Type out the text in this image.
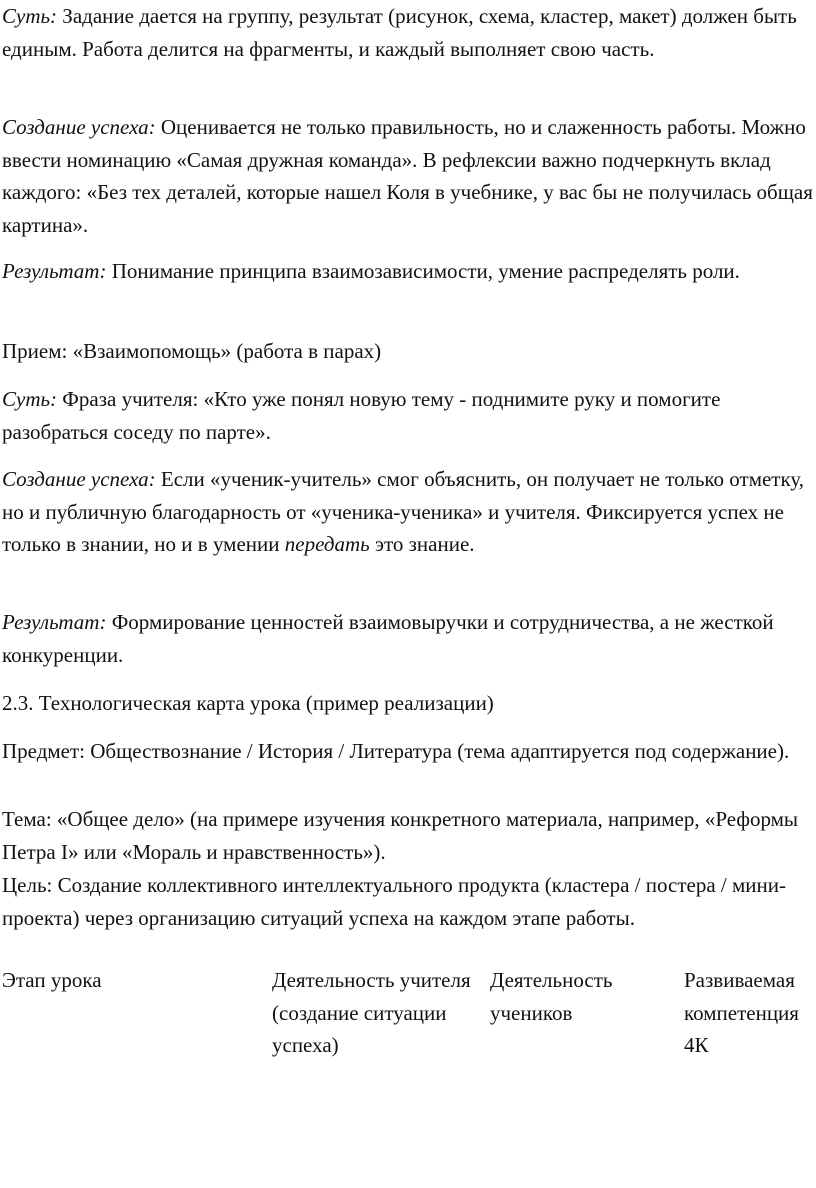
Суть: Задание дается на группу, результат (рисунок, схема, кластер, макет) должен быть единым. Работа делится на фрагменты, и каждый выполняет свою часть.

Создание успеха: Оценивается не только правильность, но и слаженность работы. Можно ввести номинацию «Самая дружная команда». В рефлексии важно подчеркнуть вклад каждого: «Без тех деталей, которые нашел Коля в учебнике, у вас бы не получилась общая картина».

Результат: Понимание принципа взаимозависимости, умение распределять роли.

Прием: «Взаимопомощь» (работа в парах)

Суть: Фраза учителя: «Кто уже понял новую тему - поднимите руку и помогите разобраться соседу по парте».

Создание успеха: Если «ученик-учитель» смог объяснить, он получает не только отметку, но и публичную благодарность от «ученика-ученика» и учителя. Фиксируется успех не только в знании, но и в умении передать это знание.

Результат: Формирование ценностей взаимовыручки и сотрудничества, а не жесткой конкуренции.

2.3. Технологическая карта урока (пример реализации)

Предмет: Обществознание / История / Литература (тема адаптируется под содержание).

Тема: «Общее дело» (на примере изучения конкретного материала, например, «Реформы Петра I» или «Мораль и нравственность»).

Цель: Создание коллективного интеллектуального продукта (кластера / постера / мини-проекта) через организацию ситуаций успеха на каждом этапе работы.

Этап урока	Деятельность учителя (создание ситуации успеха)

Деятельность учеников

Развиваемая компетенция 4К
